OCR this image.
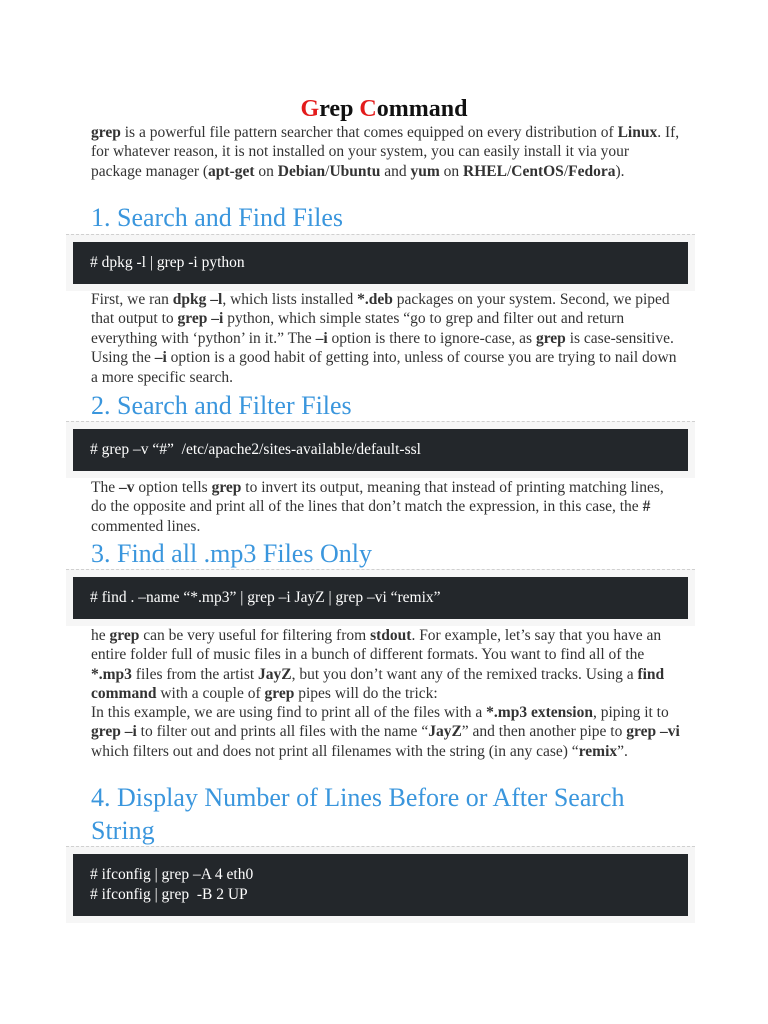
Grep Command

grep is a powerful file pattern searcher that comes equipped on every distribution of Linux. If, for whatever reason, it is not installed on your system, you can easily install it via your package manager (apt-get on Debian/Ubuntu and yum on RHEL/CentOS/Fedora).

1. Search and Find Files
# dpkg -l | grep -i python

First, we ran dpkg –l, which lists installed *.deb packages on your system. Second, we piped that output to grep –i python, which simple states “go to grep and filter out and return everything with ‘python’ in it.” The –i option is there to ignore-case, as grep is case-sensitive. Using the –i option is a good habit of getting into, unless of course you are trying to nail down a more specific search.

2. Search and Filter Files
# grep –v “#”  /etc/apache2/sites-available/default-ssl

The –v option tells grep to invert its output, meaning that instead of printing matching lines, do the opposite and print all of the lines that don’t match the expression, in this case, the # commented lines.

3. Find all .mp3 Files Only
# find . –name “*.mp3” | grep –i JayZ | grep –vi “remix”

he grep can be very useful for filtering from stdout. For example, let’s say that you have an entire folder full of music files in a bunch of different formats. You want to find all of the *.mp3 files from the artist JayZ, but you don’t want any of the remixed tracks. Using a find command with a couple of grep pipes will do the trick:

In this example, we are using find to print all of the files with a *.mp3 extension, piping it to grep –i to filter out and prints all files with the name “JayZ” and then another pipe to grep –vi which filters out and does not print all filenames with the string (in any case) “remix”.

4. Display Number of Lines Before or After Search String
# ifconfig | grep –A 4 eth0
# ifconfig | grep  -B 2 UP
